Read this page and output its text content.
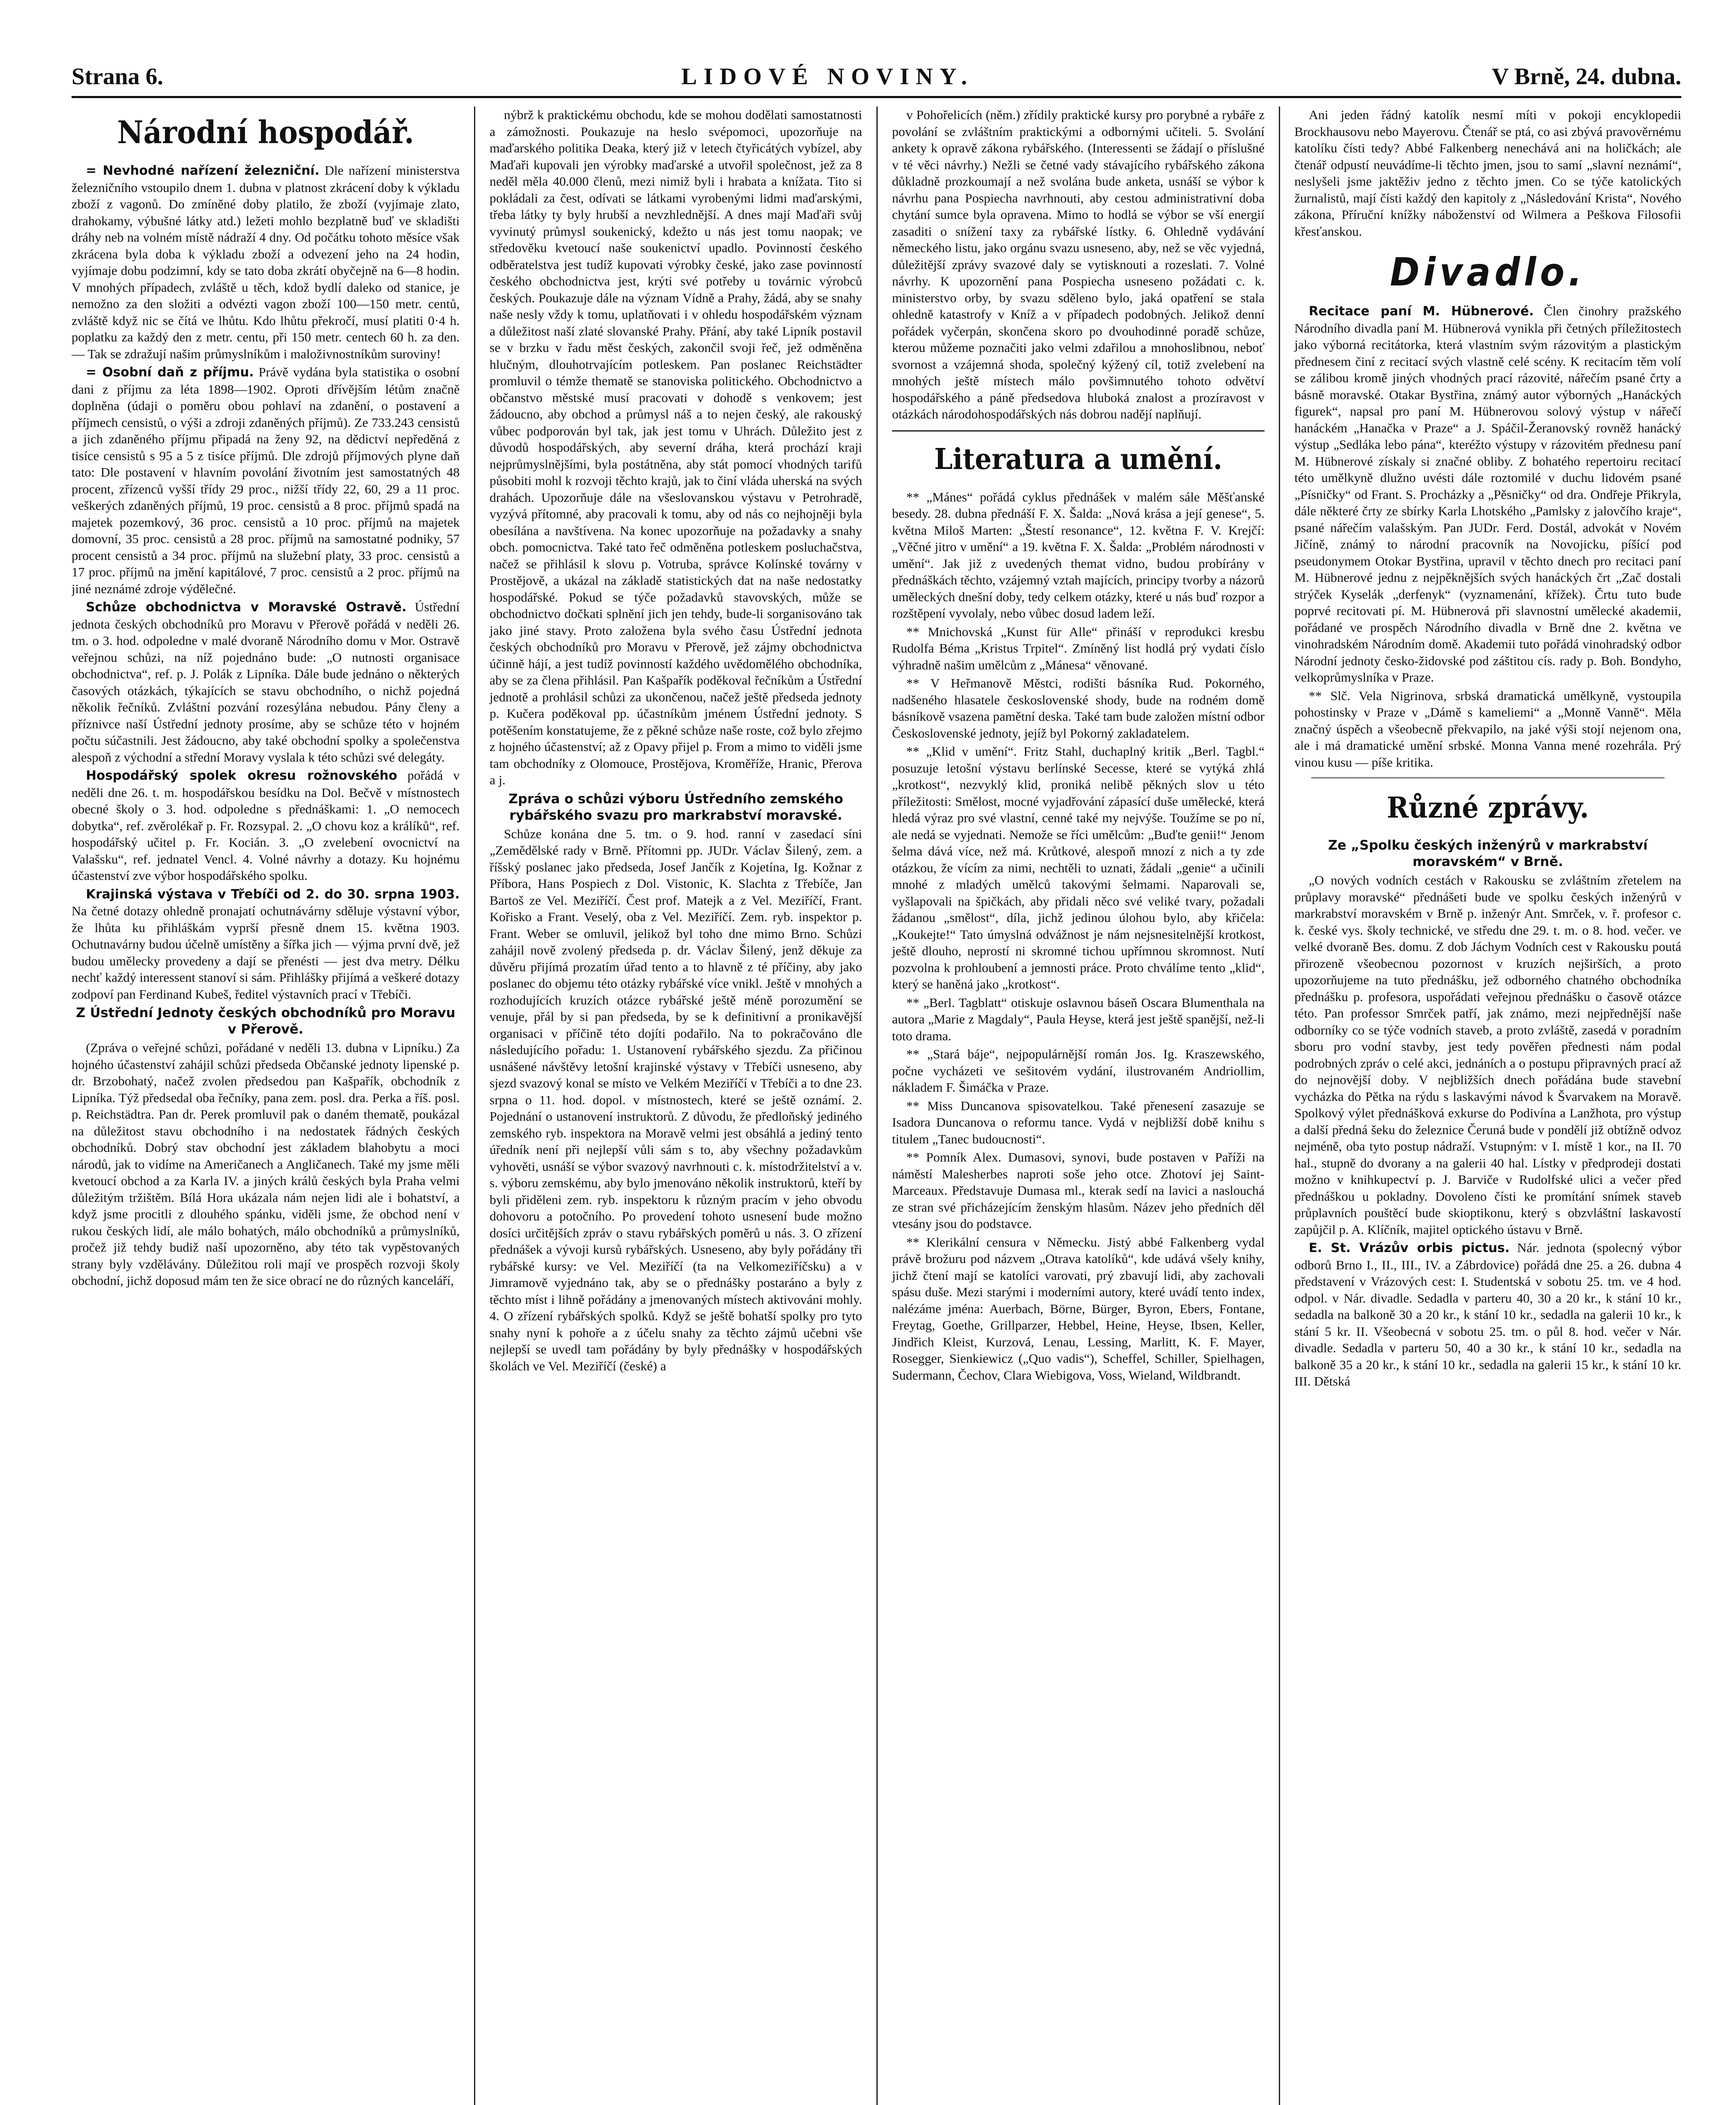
Strana 6.	LIDOVÉ NOVINY.	V Brně, 24. dubna.
Národní hospodář.

= Nevhodné nařízení železniční. Dle nařízení ministerstva železničního vstoupilo dnem 1. dubna v platnost zkrácení doby k výkladu zboží z vagonů. Do zmíněné doby platilo, že zboží (vyjímaje zlato, drahokamy, výbušné látky atd.) ležeti mohlo bezplatně buď ve skladišti dráhy neb na volném místě nádraží 4 dny. Od počátku tohoto měsíce však zkrácena byla doba k výkladu zboží a odvezení jeho na 24 hodin, vyjímaje dobu podzimní, kdy se tato doba zkrátí obyčejně na 6—8 hodin. V mnohých případech, zvláště u těch, kdož bydlí daleko od stanice, je nemožno za den složiti a odvézti vagon zboží 100—150 metr. centů, zvláště když nic se čítá ve lhůtu. Kdo lhůtu překročí, musí platiti 0·4 h. poplatku za každý den z metr. centu, při 150 metr. centech 60 h. za den. — Tak se zdražují našim průmyslníkům i maloživnostníkům suroviny!

= Osobní daň z příjmu. Právě vydána byla statistika o osobní dani z příjmu za léta 1898—1902. Oproti dřívějším létům značně doplněna (údaji o poměru obou pohlaví na zdanění, o postavení a příjmech censistů, o výši a zdroji zdaněných příjmů). Ze 733.243 censistů a jich zdaněného příjmu připadá na ženy 92, na dědictví nepředěná z tisíce censistů s 95 a 5 z tisíce příjmů. Dle zdrojů příjmových plyne daň tato: Dle postavení v hlavním povolání životním jest samostatných 48 procent, zřízenců vyšší třídy 29 proc., nižší třídy 22, 60, 29 a 11 proc. veškerých zdaněných příjmů, 19 proc. censistů a 8 proc. příjmů spadá na majetek pozemkový, 36 proc. censistů a 10 proc. příjmů na majetek domovní, 35 proc. censistů a 28 proc. příjmů na samostatné podniky, 57 procent censistů a 34 proc. příjmů na služební platy, 33 proc. censistů a 17 proc. příjmů na jmění kapitálové, 7 proc. censistů a 2 proc. příjmů na jiné neznámé zdroje výdělečné.

Schůze obchodnictva v Moravské Ostravě. Ústřední jednota českých obchodníků pro Moravu v Přerově pořádá v neděli 26. tm. o 3. hod. odpoledne v malé dvoraně Národního domu v Mor. Ostravě veřejnou schůzi, na níž pojednáno bude: „O nutnosti organisace obchodnictva“, ref. p. J. Polák z Lipníka. Dále bude jednáno o některých časových otázkách, týkajících se stavu obchodního, o nichž pojedná několik řečníků. Zvláštní pozvání rozesýlána nebudou. Pány členy a příznivce naší Ústřední jednoty prosíme, aby se schůze této v hojném počtu súčastnili. Jest žádoucno, aby také obchodní spolky a společenstva alespoň z východní a střední Moravy vyslala k této schůzi své delegáty.

Hospodářský spolek okresu rožnovského pořádá v neděli dne 26. t. m. hospodářskou besídku na Dol. Bečvě v místnostech obecné školy o 3. hod. odpoledne s přednáškami: 1. „O nemocech dobytka“, ref. zvěrolékař p. Fr. Rozsypal. 2. „O chovu koz a králíků“, ref. hospodářský učitel p. Fr. Kocián. 3. „O zvelebení ovocnictví na Valašsku“, ref. jednatel Vencl. 4. Volné návrhy a dotazy. Ku hojnému účastenství zve výbor hospodářského spolku.

Krajinská výstava v Třebíči od 2. do 30. srpna 1903. Na četné dotazy ohledně pronajatí ochutnávárny sděluje výstavní výbor, že lhůta ku přihláškám vyprší přesně dnem 15. května 1903. Ochutnavárny budou účelně umístěny a šířka jich — výjma první dvě, jež budou umělecky provedeny a dají se přenésti — jest dva metry. Délku nechť každý interessent stanoví si sám. Přihlášky přijímá a veškeré dotazy zodpoví pan Ferdinand Kubeš, ředitel výstavních prací v Třebíči.

Z Ústřední Jednoty českých obchodníků pro Moravu v Přerově.

(Zpráva o veřejné schůzi, pořádané v neděli 13. dubna v Lipníku.) Za hojného účastenství zahájil schůzi předseda Občanské jednoty lipenské p. dr. Brzobohatý, načež zvolen předsedou pan Kašpařík, obchodník z Lipníka. Týž předsedal oba řečníky, pana zem. posl. dra. Perka a říš. posl. p. Reichstädtra. Pan dr. Perek promluvil pak o daném thematě, poukázal na důležitost stavu obchodního i na nedostatek řádných českých obchodníků. Dobrý stav obchodní jest základem blahobytu a moci národů, jak to vidíme na Američanech a Angličanech. Také my jsme měli kvetoucí obchod a za Karla IV. a jiných králů českých byla Praha velmi důležitým tržištěm. Bílá Hora ukázala nám nejen lidi ale i bohatství, a když jsme procitli z dlouhého spánku, viděli jsme, že obchod není v rukou českých lidí, ale málo bohatých, málo obchodníků a průmyslníků, pročež již tehdy budiž naší upozorněno, aby této tak vypěstovaných strany byly vzdělávány. Důležitou roli mají ve prospěch rozvoji školy obchodní, jichž doposud mám ten že sice obrací ne do různých kanceláří,

nýbrž k praktickému obchodu, kde se mohou dodělati samostatnosti a zámožnosti. Poukazuje na heslo svépomoci, upozorňuje na maďarského politika Deaka, který již v letech čtyřicátých vybízel, aby Maďaři kupovali jen výrobky maďarské a utvořil společnost, jež za 8 neděl měla 40.000 členů, mezi nimiž byli i hrabata a knížata. Tito si pokládali za čest, odívati se látkami vyrobenými lidmi maďarskými, třeba látky ty byly hrubší a nevzhlednější. A dnes mají Maďaři svůj vyvinutý průmysl soukenický, kdežto u nás jest tomu naopak; ve středověku kvetoucí naše soukenictví upadlo. Povinností českého odběratelstva jest tudíž kupovati výrobky české, jako zase povinností českého obchodnictva jest, krýti své potřeby u továrnic výrobců českých. Poukazuje dále na význam Vídně a Prahy, žádá, aby se snahy naše nesly vždy k tomu, uplatňovati i v ohledu hospodářském význam a důležitost naší zlaté slovanské Prahy. Přání, aby také Lipník postavil se v brzku v řadu měst českých, zakončil svoji řeč, jež odměněna hlučným, dlouhotrvajícím potleskem. Pan poslanec Reichstädter promluvil o témže thematě se stanoviska politického. Obchodnictvo a občanstvo městské musí pracovati v dohodě s venkovem; jest žádoucno, aby obchod a průmysl náš a to nejen český, ale rakouský vůbec podporován byl tak, jak jest tomu v Uhrách. Důležito jest z důvodů hospodářských, aby severní dráha, která prochází kraji nejprůmyslnějšími, byla postátněna, aby stát pomocí vhodných tarifů působiti mohl k rozvoji těchto krajů, jak to činí vláda uherská na svých drahách. Upozorňuje dále na všeslovanskou výstavu v Petrohradě, vyzývá přítomné, aby pracovali k tomu, aby od nás co nejhojněji byla obesílána a navštívena. Na konec upozorňuje na požadavky a snahy obch. pomocnictva. Také tato řeč odměněna potleskem posluchačstva, načež se přihlásil k slovu p. Votruba, správce Kolínské továrny v Prostějově, a ukázal na základě statistických dat na naše nedostatky hospodářské. Pokud se týče požadavků stavovských, může se obchodnictvo dočkati splnění jich jen tehdy, bude-li sorganisováno tak jako jiné stavy. Proto založena byla svého času Ústřední jednota českých obchodníků pro Moravu v Přerově, jež zájmy obchodnictva účinně hájí, a jest tudíž povinností každého uvědomělého obchodníka, aby se za člena přihlásil. Pan Kašpařík poděkoval řečníkům a Ústřední jednotě a prohlásil schůzi za ukončenou, načež ještě předseda jednoty p. Kučera poděkoval pp. účastníkům jménem Ústřední jednoty. S potěšením konstatujeme, že z pěkné schůze naše roste, což bylo zřejmo z hojného účastenství; až z Opavy přijel p. From a mimo to viděli jsme tam obchodníky z Olomouce, Prostějova, Kroměříže, Hranic, Přerova a j.

Zpráva o schůzi výboru Ústředního zemského rybářského svazu pro markrabství moravské.

Schůze konána dne 5. tm. o 9. hod. ranní v zasedací síni „Zemědělské rady v Brně. Přítomni pp. JUDr. Václav Šilený, zem. a říšský poslanec jako předseda, Josef Jančík z Kojetína, Ig. Kožnar z Příbora, Hans Pospiech z Dol. Vistonic, K. Slachta z Třebíče, Jan Bartoš ze Vel. Meziříčí. Čest prof. Matejk a z Vel. Meziříčí, Frant. Kořisko a Frant. Veselý, oba z Vel. Meziříčí. Zem. ryb. inspektor p. Frant. Weber se omluvil, jelikož byl toho dne mimo Brno. Schůzi zahájil nově zvolený předseda p. dr. Václav Šilený, jenž děkuje za důvěru přijímá prozatím úřad tento a to hlavně z té příčiny, aby jako poslanec do objemu této otázky rybářské více vnikl. Ještě v mnohých a rozhodujících kruzích otázce rybářské ještě méně porozumění se venuje, přál by si pan předseda, by se k definitivní a pronikavější organisaci v příčině této dojíti podařilo. Na to pokračováno dle následujícího pořadu: 1. Ustanovení rybářského sjezdu. Za přičinou usnášené návštěvy letošní krajinské výstavy v Třebíči usneseno, aby sjezd svazový konal se místo ve Velkém Meziříčí v Třebíči a to dne 23. srpna o 11. hod. dopol. v místnostech, které se ještě oznámí. 2. Pojednání o ustanovení instruktorů. Z důvodu, že předloňský jediného zemského ryb. inspektora na Moravě velmi jest obsáhlá a jediný tento úředník není při nejlepší vůli sám s to, aby všechny požadavkům vyhověti, usnáší se výbor svazový navrhnouti c. k. místodržitelství a v. s. výboru zemskému, aby bylo jmenováno několik instruktorů, kteří by byli přiděleni zem. ryb. inspektoru k různým pracím v jeho obvodu dohovoru a potočního. Po provedení tohoto usnesení bude možno dosíci určitějších zpráv o stavu rybářských poměrů u nás. 3. O zřízení přednášek a vývoji kursů rybářských. Usneseno, aby byly pořádány tři rybářské kursy: ve Vel. Meziříčí (ta na Velkomeziříčsku) a v Jimramově vyjednáno tak, aby se o přednášky postaráno a byly z těchto míst i lihně pořádány a jmenovaných místech aktivováni mohly. 4. O zřízení rybářských spolků. Když se ještě bohatší spolky pro tyto snahy nyní k pohoře a z účelu snahy za těchto zájmů učebni vše nejlepší se uvedl tam pořádány by byly přednášky v hospodářských školách ve Vel. Meziříčí (české) a

v Pohořelicích (něm.) zřídily praktické kursy pro porybné a rybáře z povolání se zvláštním praktickými a odbornými učiteli. 5. Svolání ankety k opravě zákona rybářského. (Interessenti se žádají o příslušné v té věci návrhy.) Nežli se četné vady stávajícího rybářského zákona důkladně prozkoumají a než svolána bude anketa, usnáší se výbor k návrhu pana Pospiecha navrhnouti, aby cestou administrativní doba chytání sumce byla opravena. Mimo to hodlá se výbor se vší energií zasaditi o snížení taxy za rybářské lístky. 6. Ohledně vydávání německého listu, jako orgánu svazu usneseno, aby, než se věc vyjedná, důležitější zprávy svazové daly se vytisknouti a rozeslati. 7. Volné návrhy. K upozornění pana Pospiecha usneseno požádati c. k. ministerstvo orby, by svazu sděleno bylo, jaká opatření se stala ohledně katastrofy v Kníž a v případech podobných. Jelikož denní pořádek vyčerpán, skončena skoro po dvouhodinné poradě schůze, kterou můžeme poznačiti jako velmi zdařilou a mnohoslibnou, neboť svornost a vzájemná shoda, společný kýžený cíl, totiž zvelebení na mnohých ještě místech málo povšimnutého tohoto odvětví hospodářského a páně předsedova hluboká znalost a prozíravost v otázkách národohospodářských nás dobrou nadějí naplňují.

Literatura a umění.

** „Mánes“ pořádá cyklus přednášek v malém sále Měšťanské besedy. 28. dubna přednáší F. X. Šalda: „Nová krása a její genese“, 5. května Miloš Marten: „Štestí resonance“, 12. května F. V. Krejčí: „Věčné jitro v umění“ a 19. května F. X. Šalda: „Problém národnosti v umění“. Jak již z uvedených themat vidno, budou probírány v přednáškách těchto, vzájemný vztah majících, principy tvorby a názorů uměleckých dnešní doby, tedy celkem otázky, které u nás buď rozpor a rozštěpení vyvolaly, nebo vůbec dosud ladem leží.

** Mnichovská „Kunst für Alle“ přináší v reprodukci kresbu Rudolfa Béma „Kristus Trpitel“. Zmíněný list hodlá prý vydati číslo výhradně našim umělcům z „Mánesa“ věnované.

** V Heřmanově Městci, rodišti básníka Rud. Pokorného, nadšeného hlasatele československé shody, bude na rodném domě básníkově vsazena pamětní deska. Také tam bude založen místní odbor Československé jednoty, jejíž byl Pokorný zakladatelem.

** „Klid v umění“. Fritz Stahl, duchaplný kritik „Berl. Tagbl.“ posuzuje letošní výstavu berlínské Secesse, které se vytýká zhlá „krotkost“, nezvyklý klid, proniká nelibě pěkných slov u této příležitosti: Smělost, mocné vyjadřování zápasící duše umělecké, která hledá výraz pro své vlastní, cenné také my nejvýše. Toužíme se po ní, ale nedá se vyjednati. Nemože se říci umělcům: „Buďte genii!“ Jenom šelma dává více, než má. Krůtkové, alespoň mnozí z nich a ty zde otázkou, že vícím za nimi, nechtěli to uznati, žádali „genie“ a učinili mnohé z mladých umělců takovými šelmami. Naparovali se, vyšlapovali na špičkách, aby přidali něco své veliké tvary, požadali žádanou „smělost“, díla, jichž jedinou úlohou bylo, aby křičela: „Koukejte!“ Tato úmyslná odvážnost je nám nejsnesitelnější krotkost, ještě dlouho, neprostí ni skromné tichou upřímnou skromnost. Nutí pozvolna k prohloubení a jemnosti práce. Proto chválíme tento „klid“, který se haněná jako „krotkost“.

** „Berl. Tagblatt“ otiskuje oslavnou báseň Oscara Blumenthala na autora „Marie z Magdaly“, Paula Heyse, která jest ještě spanější, než-li toto drama.

** „Stará báje“, nejpopulárnější román Jos. Ig. Kraszewského, počne vycházeti ve sešitovém vydání, ilustrovaném Andriollim, nákladem F. Šimáčka v Praze.

** Miss Duncanova spisovatelkou. Také přenesení zasazuje se Isadora Duncanova o reformu tance. Vydá v nejbližší době knihu s titulem „Tanec budoucnosti“.

** Pomník Alex. Dumasovi, synovi, bude postaven v Paříži na náměstí Malesherbes naproti soše jeho otce. Zhotoví jej Saint-Marceaux. Představuje Dumasa ml., kterak sedí na lavici a naslouchá ze stran své přicházejícím ženským hlasům. Název jeho předních děl vtesány jsou do podstavce.

** Klerikální censura v Německu. Jistý abbé Falkenberg vydal právě brožuru pod názvem „Otrava katolíků“, kde udává všely knihy, jichž čtení mají se katolíci varovati, prý zbavují lidi, aby zachovali spásu duše. Mezi starými i moderními autory, které uvádí tento index, nalézáme jména: Auerbach, Börne, Bürger, Byron, Ebers, Fontane, Freytag, Goethe, Grillparzer, Hebbel, Heine, Heyse, Ibsen, Keller, Jindřich Kleist, Kurzová, Lenau, Lessing, Marlitt, K. F. Mayer, Rosegger, Sienkiewicz („Quo vadis“), Scheffel, Schiller, Spielhagen, Sudermann, Čechov, Clara Wiebigova, Voss, Wieland, Wildbrandt.

Ani jeden řádný katolík nesmí míti v pokoji encyklopedii Brockhausovu nebo Mayerovu. Čtenář se ptá, co asi zbývá pravověrnému katolíku čísti tedy? Abbé Falkenberg nenechává ani na holičkách; ale čtenář odpustí neuvádíme-li těchto jmen, jsou to samí „slavní neznámí“, neslyšeli jsme jaktěživ jedno z těchto jmen. Co se týče katolických žurnalistů, mají čísti každý den kapitoly z „Následování Krista“, Nového zákona, Příruční knížky náboženství od Wilmera a Peškova Filosofii křesťanskou.

Divadlo.

Recitace paní M. Hübnerové. Člen činohry pražského Národního divadla paní M. Hübnerová vynikla při četných příležitostech jako výborná recitátorka, která vlastním svým rázovitým a plastickým přednesem činí z recitací svých vlastně celé scény. K recitacím těm volí se zálibou kromě jiných vhodných prací rázovité, nářečím psané črty a básně moravské. Otakar Bystřina, známý autor výborných „Hanáckých figurek“, napsal pro paní M. Hübnerovou solový výstup v nářečí hanáckém „Hanačka v Praze“ a J. Spáčil-Žeranovský rovněž hanácký výstup „Sedláka lebo pána“, kteréžto výstupy v rázovitém přednesu paní M. Hübnerové získaly si značné obliby. Z bohatého repertoiru recitací této umělkyně dlužno uvésti dále roztomilé v duchu lidovém psané „Písničky“ od Frant. S. Procházky a „Pěsničky“ od dra. Ondřeje Přikryla, dále některé črty ze sbírky Karla Lhotského „Pamlsky z jalovčího kraje“, psané nářečím valašským. Pan JUDr. Ferd. Dostál, advokát v Novém Jičíně, známý to národní pracovník na Novojicku, píšící pod pseudonymem Otokar Bystřina, upravil v těchto dnech pro recitaci paní M. Hübnerové jednu z nejpěknějších svých hanáckých črt „Zač dostali strýček Kyselák „derfenyk“ (vyznamenání, křížek). Črtu tuto bude poprvé recitovati pí. M. Hübnerová při slavnostní umělecké akademii, pořádané ve prospěch Národního divadla v Brně dne 2. května ve vinohradském Národním domě. Akademii tuto pořádá vinohradský odbor Národní jednoty česko-židovské pod záštitou cís. rady p. Boh. Bondyho, velkoprůmyslníka v Praze.

** Slč. Vela Nigrinova, srbská dramatická umělkyně, vystoupila pohostinsky v Praze v „Dámě s kameliemi“ a „Monně Vanně“. Měla značný úspěch a všeobecně překvapilo, na jaké výši stojí nejenom ona, ale i má dramatické umění srbské. Monna Vanna mené rozehrála. Prý vinou kusu — píše kritika.

Různé zprávy.
Ze „Spolku českých inženýrů v markrabství moravském“ v Brně.

„O nových vodních cestách v Rakousku se zvláštním zřetelem na průplavy moravské“ přednášeti bude ve spolku českých inženýrů v markrabství moravském v Brně p. inženýr Ant. Smrček, v. ř. profesor c. k. české vys. školy technické, ve středu dne 29. t. m. o 8. hod. večer. ve velké dvoraně Bes. domu. Z dob Jáchym Vodních cest v Rakousku poutá přirozeně všeobecnou pozornost v kruzích nejširších, a proto upozorňujeme na tuto přednášku, jež odborného chatného obchodníka přednášku p. profesora, uspořádati veřejnou přednášku o časově otázce této. Pan professor Smrček patří, jak známo, mezi nejpřednější naše odborníky co se týče vodních staveb, a proto zvláště, zasedá v poradním sboru pro vodní stavby, jest tedy pověřen přednesti nám podal podrobných zpráv o celé akci, jednáních a o postupu připravných prací až do nejnovější doby. V nejbližších dnech pořádána bude stavební vycházka do Pětka na rýdu s laskavými návod k Švarvakem na Moravě. Spolkový výlet přednášková exkurse do Podivína a Lanžhota, pro výstup a další předná šeku do železnice Čeruná bude v pondělí již obtížně odvoz nejméně, oba tyto postup nádraží. Vstupným: v I. místě 1 kor., na II. 70 hal., stupně do dvorany a na galerii 40 hal. Lístky v předprodeji dostati možno v knihkupectví p. J. Barviče v Rudolfské ulici a večer před přednáškou u pokladny. Dovoleno čísti ke promítání snímek staveb průplavních pouštěcí bude skioptikonu, který s obzvláštní laskavostí zapůjčil p. A. Klíčník, majitel optického ústavu v Brně.

E. St. Vrázův orbis pictus. Nár. jednota (spolecný výbor odborů Brno I., II., III., IV. a Zábrdovice) pořádá dne 25. a 26. dubna 4 představení v Vrázových cest: I. Studentská v sobotu 25. tm. ve 4 hod. odpol. v Nár. divadle. Sedadla v parteru 40, 30 a 20 kr., k stání 10 kr., sedadla na balkoně 30 a 20 kr., k stání 10 kr., sedadla na galerii 10 kr., k stání 5 kr. II. Všeobecná v sobotu 25. tm. o půl 8. hod. večer v Nár. divadle. Sedadla v parteru 50, 40 a 30 kr., k stání 10 kr., sedadla na balkoně 35 a 20 kr., k stání 10 kr., sedadla na galerii 15 kr., k stání 10 kr. III. Dětská
